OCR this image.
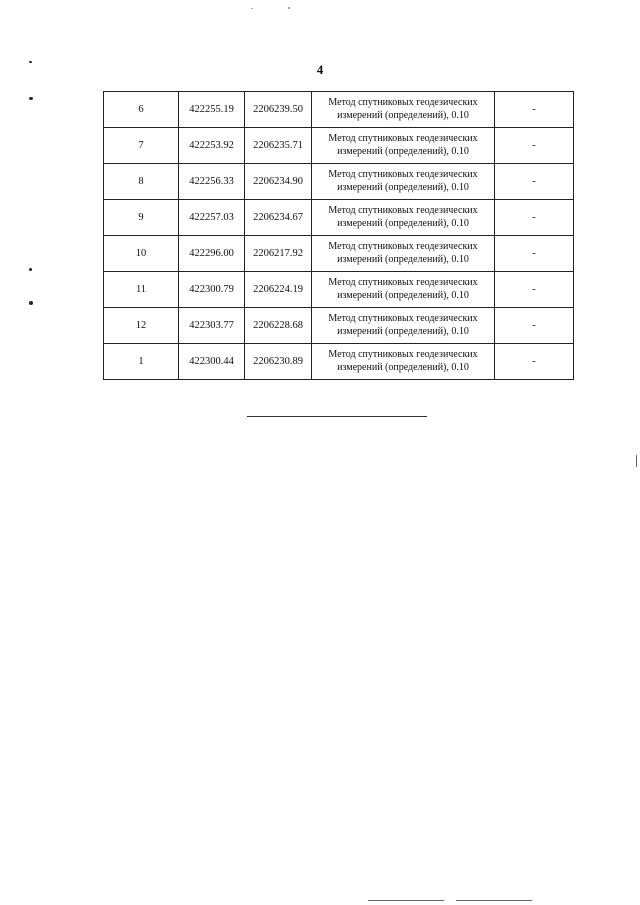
4
6	422255.19	2206239.50	Метод спутниковых геодезических измерений (определений), 0.10	-
7	422253.92	2206235.71	Метод спутниковых геодезических измерений (определений), 0.10	-
8	422256.33	2206234.90	Метод спутниковых геодезических измерений (определений), 0.10	-
9	422257.03	2206234.67	Метод спутниковых геодезических измерений (определений), 0.10	-
10	422296.00	2206217.92	Метод спутниковых геодезических измерений (определений), 0.10	-
11	422300.79	2206224.19	Метод спутниковых геодезических измерений (определений), 0.10	-
12	422303.77	2206228.68	Метод спутниковых геодезических измерений (определений), 0.10	-
1	422300.44	2206230.89	Метод спутниковых геодезических измерений (определений), 0.10	-
